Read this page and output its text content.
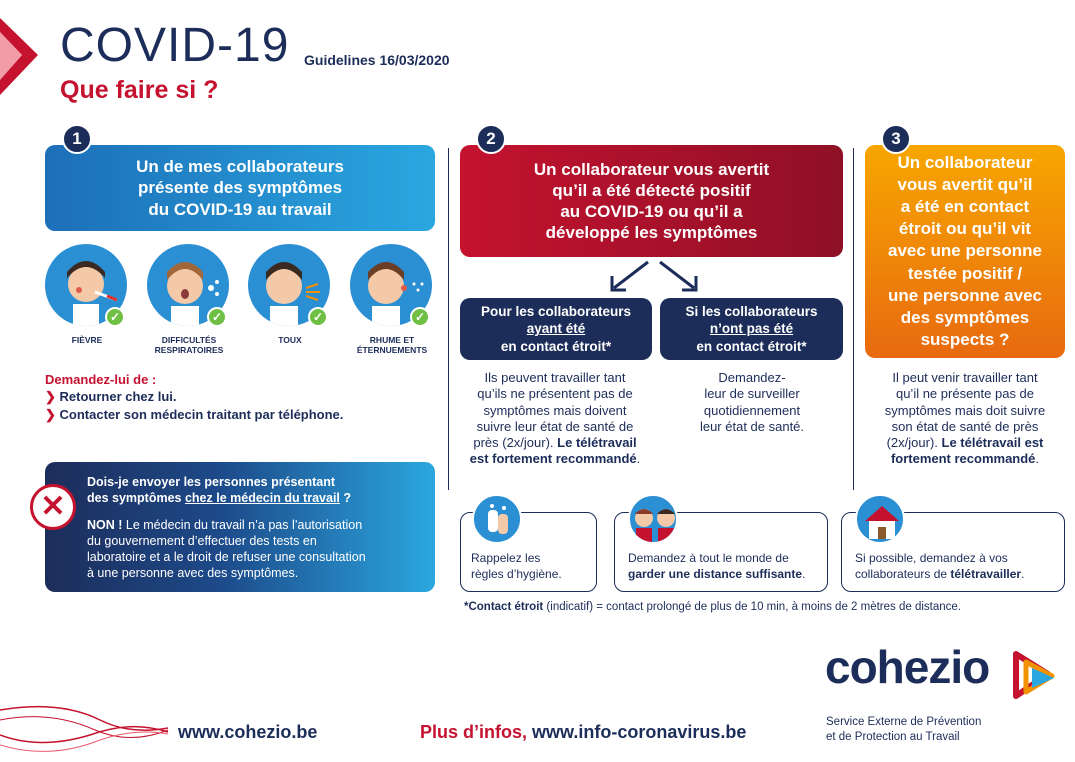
COVID-19 Guidelines 16/03/2020
Que faire si ?
1
Un de mes collaborateurs
présente des symptômes
du COVID-19 au travail
✓
FIÈVRE
✓
DIFFICULTÉS
RESPIRATOIRES
✓
TOUX
✓
RHUME ET
ÉTERNUEMENTS
Demandez-lui de :
❯ Retourner chez lui.
❯ Contacter son médecin traitant par téléphone.
✕
Dois-je envoyer les personnes présentant
des symptômes chez le médecin du travail ?
NON ! Le médecin du travail n’a pas l’autorisation
du gouvernement d’effectuer des tests en
laboratoire et a le droit de refuser une consultation
à une personne avec des symptômes.
2
Un collaborateur vous avertit
qu’il a été détecté positif
au COVID-19 ou qu’il a
développé les symptômes
Pour les collaborateurs
ayant été
en contact étroit*
Si les collaborateurs
n’ont pas été
en contact étroit*
Ils peuvent travailler tant
qu’ils ne présentent pas de
symptômes mais doivent
suivre leur état de santé de
près (2x/jour). Le télétravail
est fortement recommandé.
Demandez-
leur de surveiller
quotidiennement
leur état de santé.
3
Un collaborateur
vous avertit qu’il
a été en contact
étroit ou qu’il vit
avec une personne
testée positif /
une personne avec
des symptômes
suspects ?
Il peut venir travailler tant
qu’il ne présente pas de
symptômes mais doit suivre
son état de santé de près
(2x/jour). Le télétravail est
fortement recommandé.
Rappelez les
règles d’hygiène.
Demandez à tout le monde de
garder une distance suffisante.
Si possible, demandez à vos
collaborateurs de télétravailler.
*Contact étroit (indicatif) = contact prolongé de plus de 10 min, à moins de 2 mètres de distance.
www.cohezio.be	Plus d’infos, www.info-coronavirus.be
cohezio
Service Externe de Prévention
et de Protection au Travail
